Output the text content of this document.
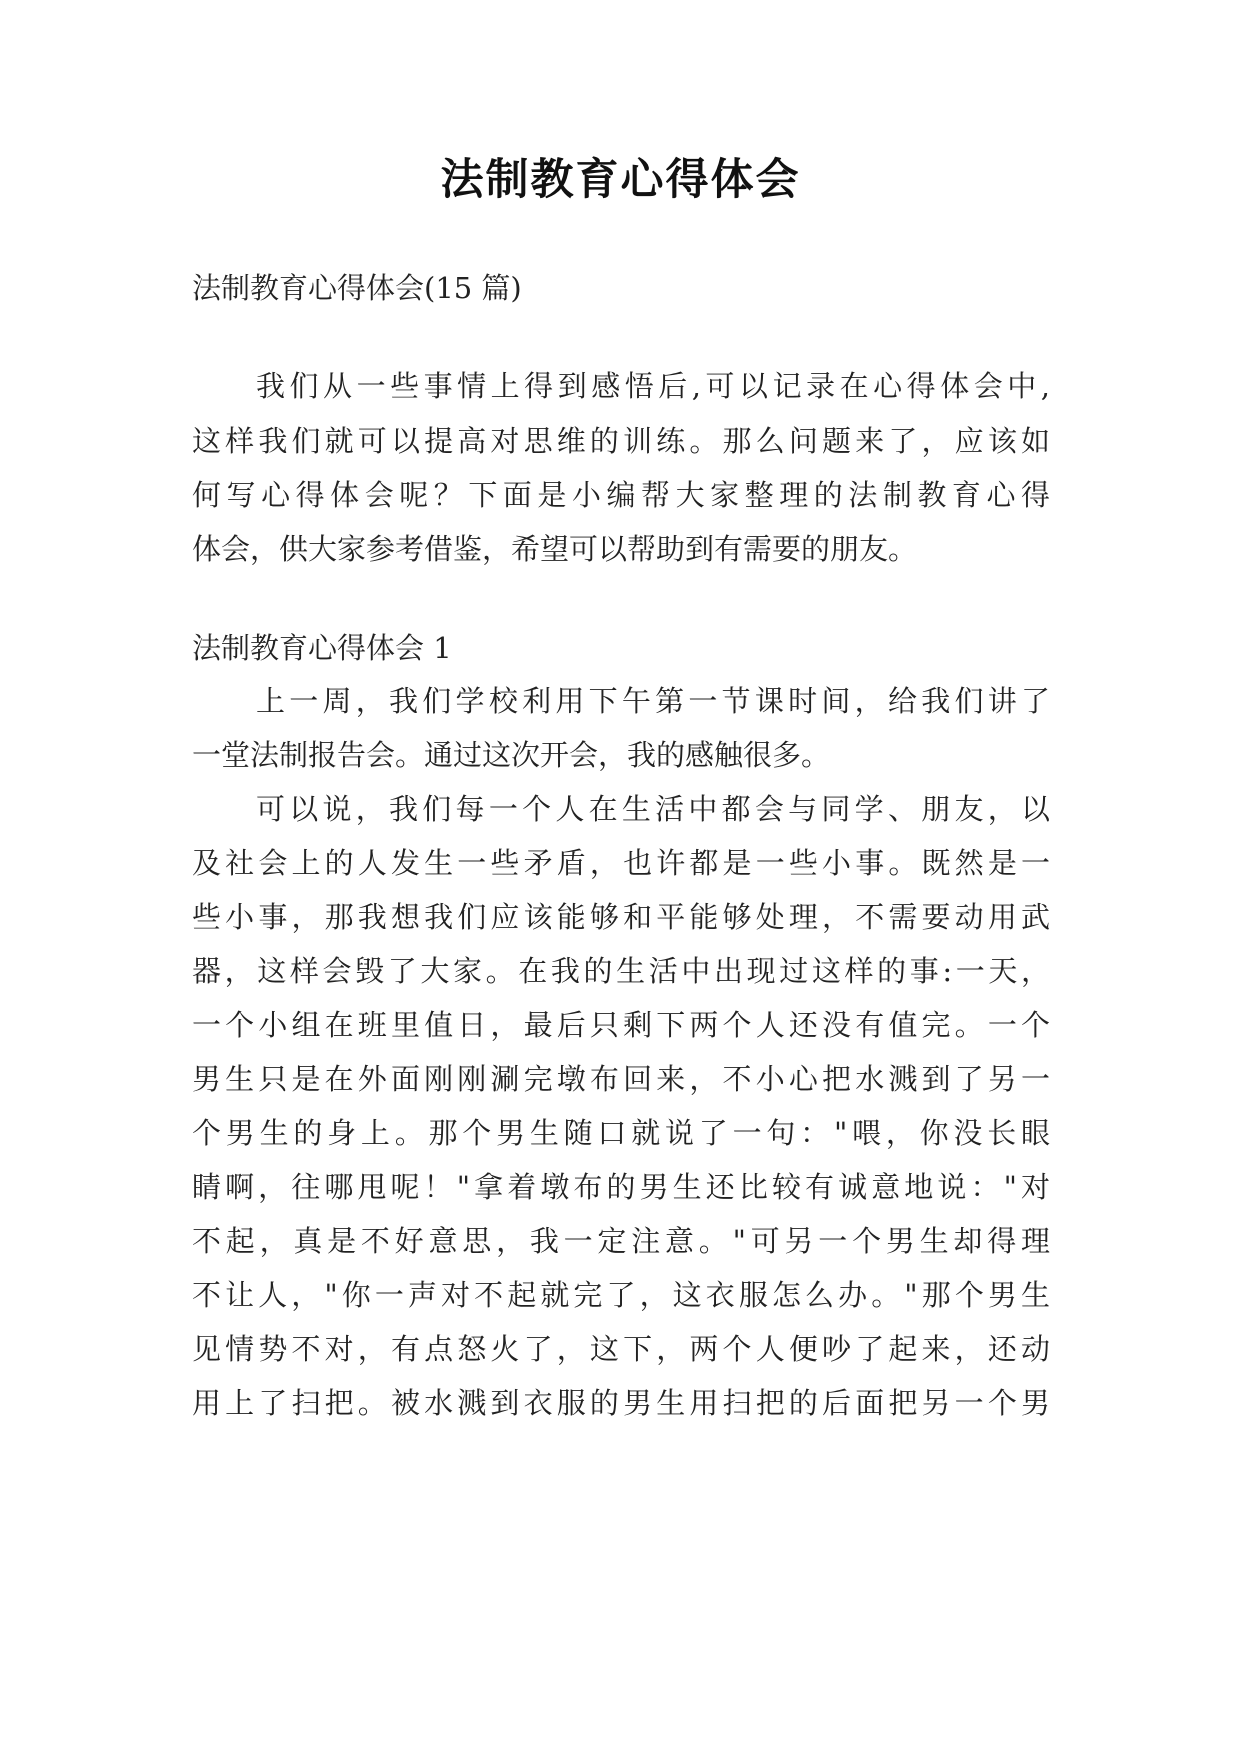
法制教育心得体会
法制教育心得体会(15 篇)
我们从一些事情上得到感悟后,可以记录在心得体会中,
这样我们就可以提高对思维的训练。那么问题来了，应该如
何写心得体会呢？下面是小编帮大家整理的法制教育心得
体会，供大家参考借鉴，希望可以帮助到有需要的朋友。
法制教育心得体会 1
上一周，我们学校利用下午第一节课时间，给我们讲了
一堂法制报告会。通过这次开会，我的感触很多。
可以说，我们每一个人在生活中都会与同学、朋友，以
及社会上的人发生一些矛盾，也许都是一些小事。既然是一
些小事，那我想我们应该能够和平能够处理，不需要动用武
器，这样会毁了大家。在我的生活中出现过这样的事:一天，
一个小组在班里值日，最后只剩下两个人还没有值完。一个
男生只是在外面刚刚涮完墩布回来，不小心把水溅到了另一
个男生的身上。那个男生随口就说了一句："喂，你没长眼
睛啊，往哪甩呢！"拿着墩布的男生还比较有诚意地说："对
不起，真是不好意思，我一定注意。"可另一个男生却得理
不让人，"你一声对不起就完了，这衣服怎么办。"那个男生
见情势不对，有点怒火了，这下，两个人便吵了起来，还动
用上了扫把。被水溅到衣服的男生用扫把的后面把另一个男
